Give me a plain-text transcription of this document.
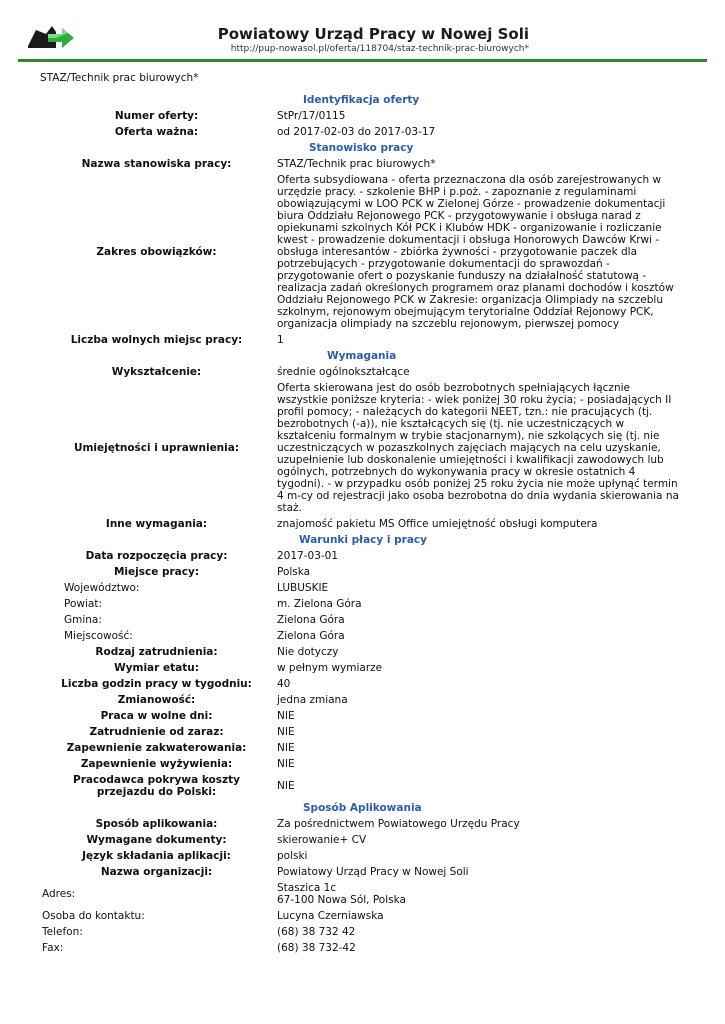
Powiatowy Urząd Pracy w Nowej Soli
http://pup-nowasol.pl/oferta/118704/staz-technik-prac-biurowych*
STAZ/Technik prac biurowych*
	Identyfikacja oferty
Numer oferty:	StPr/17/0115
Oferta ważna:	od 2017-02-03 do 2017-03-17
	Stanowisko pracy
Nazwa stanowiska pracy:	STAZ/Technik prac biurowych*
Zakres obowiązków:	Oferta subsydiowana - oferta przeznaczona dla osób zarejestrowanych w urzędzie pracy. - szkolenie BHP i p.poż. - zapoznanie z regulaminami obowiązującymi w LOO PCK w Zielonej Górze - prowadzenie dokumentacji biura Oddziału Rejonowego PCK - przygotowywanie i obsługa narad z opiekunami szkolnych Kół PCK i Klubów HDK - organizowanie i rozliczanie kwest - prowadzenie dokumentacji i obsługa Honorowych Dawców Krwi - obsługa interesantów - zbiórka żywności - przygotowanie paczek dla potrzebujących - przygotowanie dokumentacji do sprawozdań - przygotowanie ofert o pozyskanie funduszy na działalność statutową - realizacja zadań określonych programem oraz planami dochodów i kosztów Oddziału Rejonowego PCK w Zakresie: organizacja Olimpiady na szczeblu szkolnym, rejonowym obejmującym terytorialne Oddział Rejonowy PCK, organizacja olimpiady na szczeblu rejonowym, pierwszej pomocy
Liczba wolnych miejsc pracy:	1
	Wymagania
Wykształcenie:	średnie ogólnokształcące
Umiejętności i uprawnienia:	Oferta skierowana jest do osób bezrobotnych spełniających łącznie wszystkie poniższe kryteria: - wiek poniżej 30 roku życia; - posiadających II profil pomocy; - należących do kategorii NEET, tzn.: nie pracujących (tj. bezrobotnych (-a)), nie kształcących się (tj. nie uczestniczących w kształceniu formalnym w trybie stacjonarnym), nie szkolących się (tj. nie uczestniczących w pozaszkolnych zajęciach mających na celu uzyskanie, uzupełnienie lub doskonalenie umiejętności i kwalifikacji zawodowych lub ogólnych, potrzebnych do wykonywania pracy w okresie ostatnich 4 tygodni). - w przypadku osób poniżej 25 roku życia nie może upłynąć termin 4 m-cy od rejestracji jako osoba bezrobotna do dnia wydania skierowania na staż.
Inne wymagania:	znajomość pakietu MS Office umiejętność obsługi komputera
	Warunki płacy i pracy
Data rozpoczęcia pracy:	2017-03-01
Miejsce pracy:	Polska
Województwo:	LUBUSKIE
Powiat:	m. Zielona Góra
Gmina:	Zielona Góra
Miejscowość:	Zielona Góra
Rodzaj zatrudnienia:	Nie dotyczy
Wymiar etatu:	w pełnym wymiarze
Liczba godzin pracy w tygodniu:	40
Zmianowość:	jedna zmiana
Praca w wolne dni:	NIE
Zatrudnienie od zaraz:	NIE
Zapewnienie zakwaterowania:	NIE
Zapewnienie wyżywienia:	NIE
Pracodawca pokrywa koszty przejazdu do Polski:	NIE
	Sposób Aplikowania
Sposób aplikowania:	Za pośrednictwem Powiatowego Urzędu Pracy
Wymagane dokumenty:	skierowanie+ CV
Język składania aplikacji:	polski
Nazwa organizacji:	Powiatowy Urząd Pracy w Nowej Soli
Adres:	Staszica 1c
67-100 Nowa Sól, Polska

Osoba do kontaktu:	Lucyna Czerniawska
Telefon:	(68) 38 732 42
Fax:	(68) 38 732-42
